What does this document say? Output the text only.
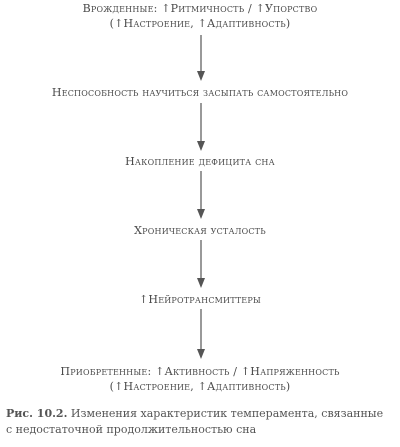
Врожденные: ↑Ритмичность / ↑Упорство
(↑Настроение, ↑Адаптивность)
Неспособность научиться засыпать самостоятельно
Накопление дефицита сна
Хроническая усталость
↑Нейротрансмиттеры
Приобретенные: ↑Активность / ↑Напряженность
(↑Настроение, ↑Адаптивность)
Рис. 10.2. Изменения характеристик темперамента, связанные
с недостаточной продолжительностью сна
